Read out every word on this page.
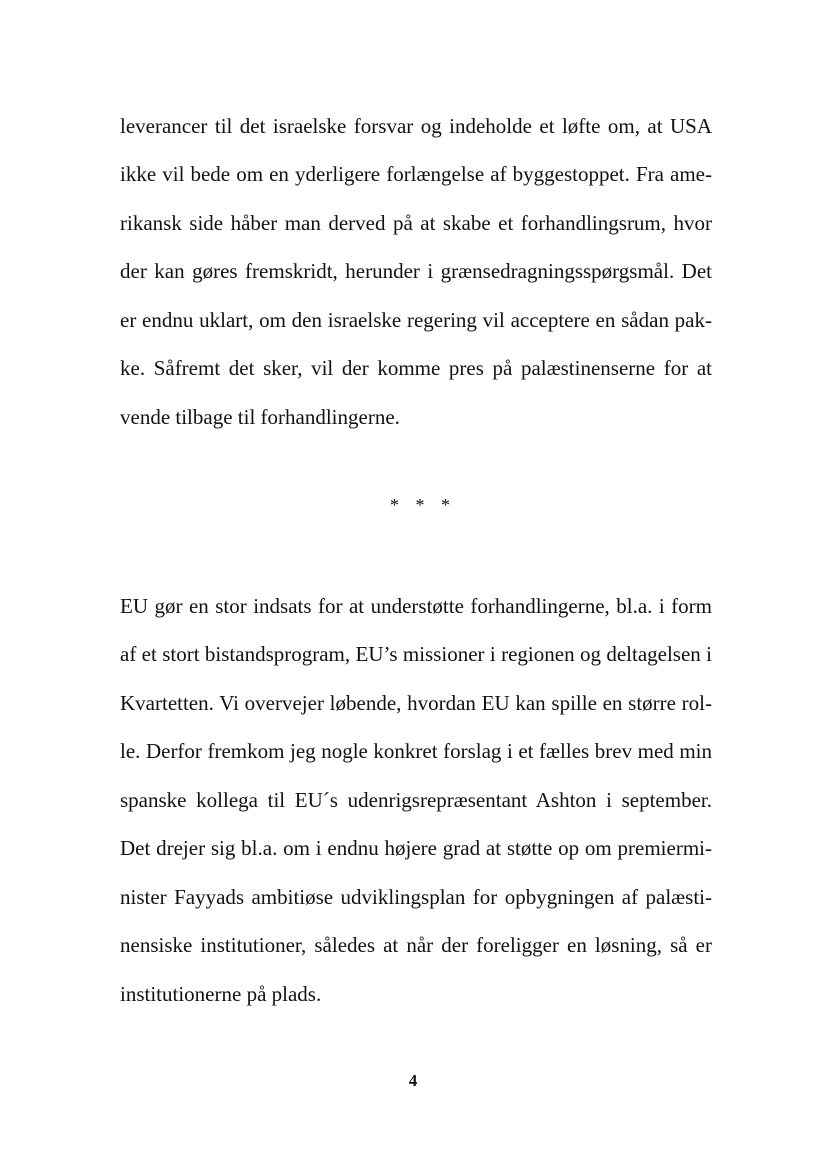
leverancer til det israelske forsvar og indeholde et løfte om, at USA
ikke vil bede om en yderligere forlængelse af byggestoppet. Fra ame-
rikansk side håber man derved på at skabe et forhandlingsrum, hvor
der kan gøres fremskridt, herunder i grænsedragningsspørgsmål. Det
er endnu uklart, om den israelske regering vil acceptere en sådan pak-
ke. Såfremt det sker, vil der komme pres på palæstinenserne for at
vende tilbage til forhandlingerne.
* * *
EU gør en stor indsats for at understøtte forhandlingerne, bl.a. i form
af et stort bistandsprogram, EU’s missioner i regionen og deltagelsen i
Kvartetten. Vi overvejer løbende, hvordan EU kan spille en større rol-
le. Derfor fremkom jeg nogle konkret forslag i et fælles brev med min
spanske kollega til EU´s udenrigsrepræsentant Ashton i september.
Det drejer sig bl.a. om i endnu højere grad at støtte op om premiermi-
nister Fayyads ambitiøse udviklingsplan for opbygningen af palæsti-
nensiske institutioner, således at når der foreligger en løsning, så er
institutionerne på plads.
4
